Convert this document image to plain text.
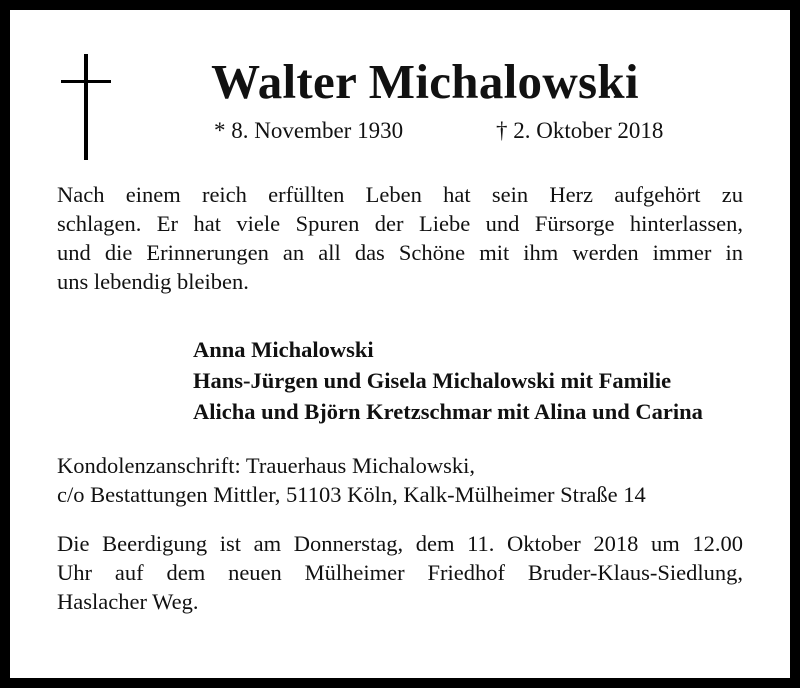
Walter Michalowski
* 8. November 1930	† 2. Oktober 2018
Nach einem reich erfüllten Leben hat sein Herz aufgehört zu
schlagen. Er hat viele Spuren der Liebe und Fürsorge hinterlassen,
und die Erinnerungen an all das Schöne mit ihm werden immer in
uns lebendig bleiben.
Anna Michalowski
Hans-Jürgen und Gisela Michalowski mit Familie
Alicha und Björn Kretzschmar mit Alina und Carina
Kondolenzanschrift: Trauerhaus Michalowski,
c/o Bestattungen Mittler, 51103 Köln, Kalk-Mülheimer Straße 14
Die Beerdigung ist am Donnerstag, dem 11. Oktober 2018 um 12.00
Uhr auf dem neuen Mülheimer Friedhof Bruder-Klaus-Siedlung,
Haslacher Weg.
